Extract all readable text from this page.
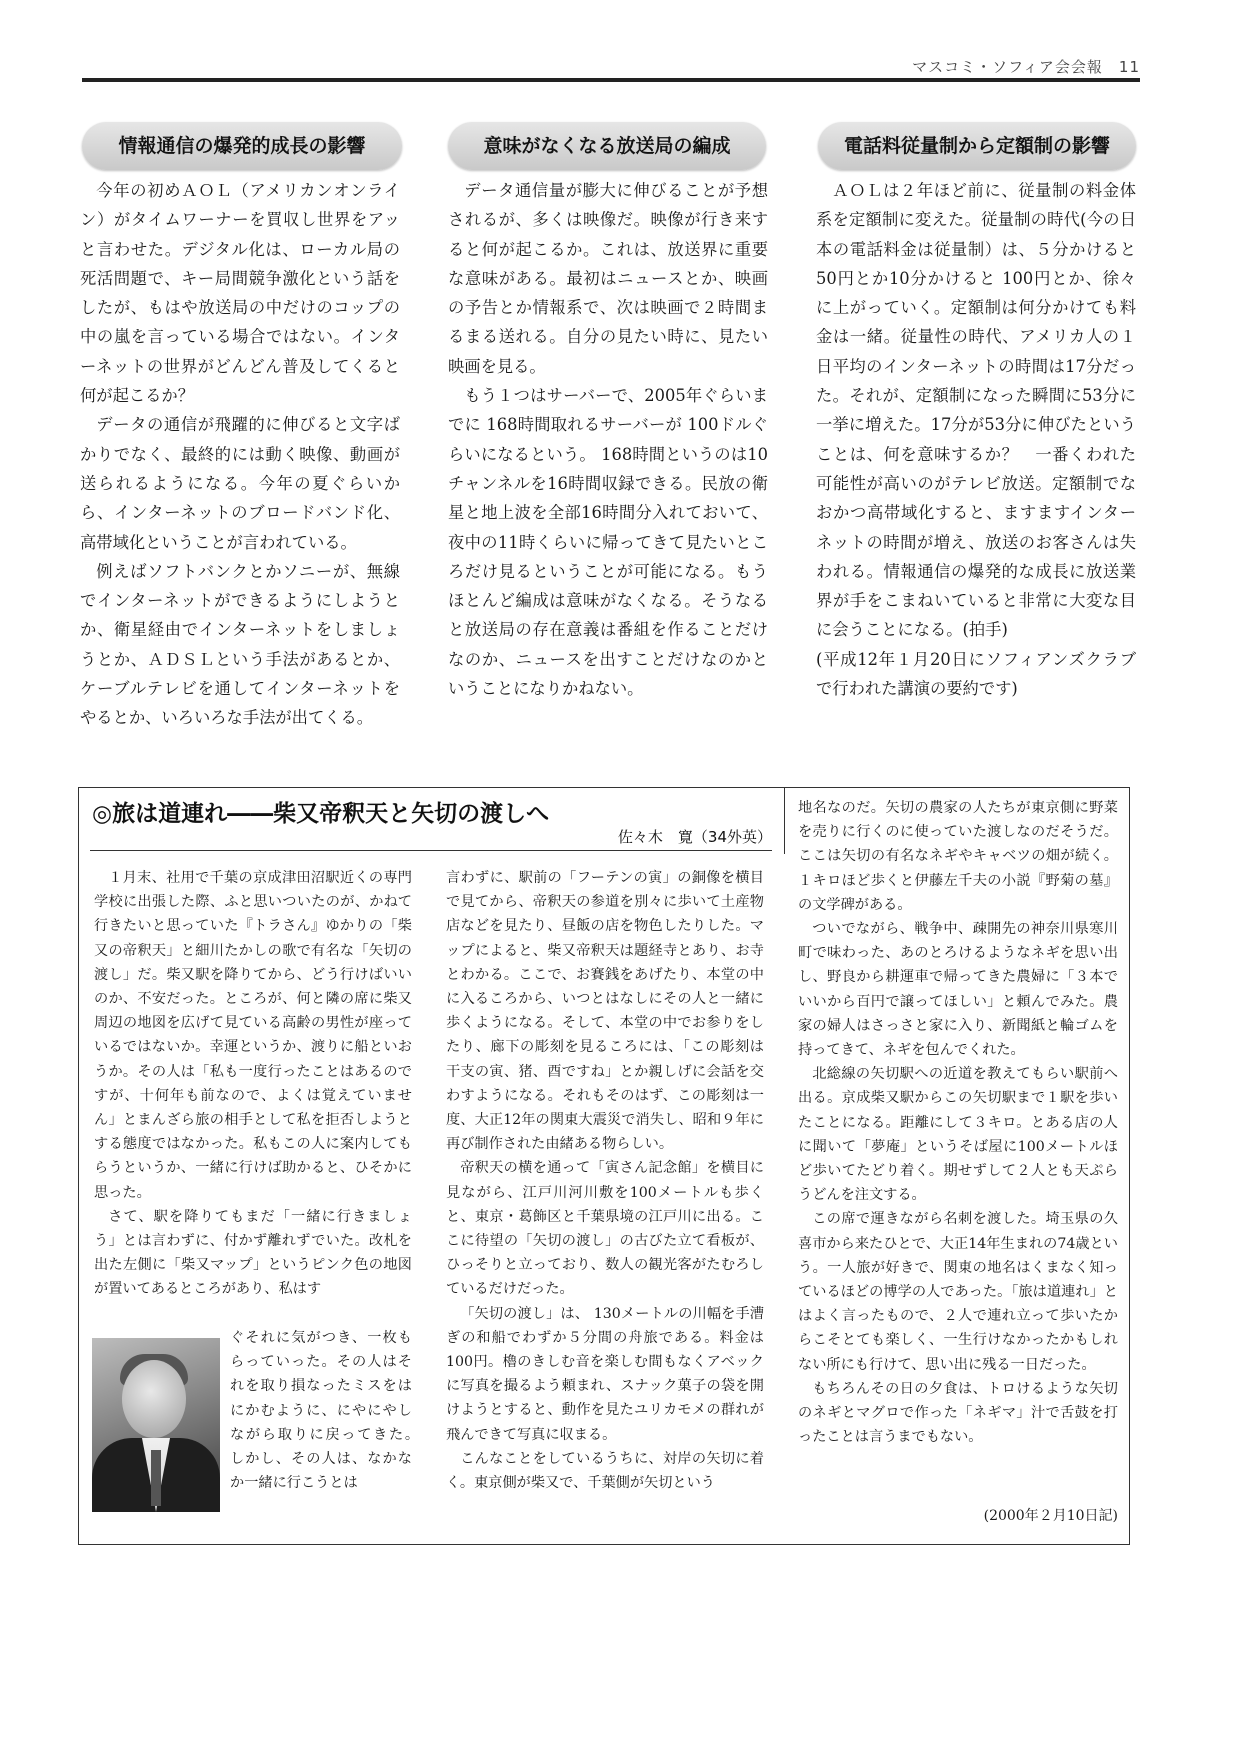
マスコミ・ソフィア会会報　11
情報通信の爆発的成長の影響

今年の初めＡＯＬ（アメリカンオンライン）がタイムワーナーを買収し世界をアッと言わせた。デジタル化は、ローカル局の死活問題で、キー局間競争激化という話をしたが、もはや放送局の中だけのコップの中の嵐を言っている場合ではない。インターネットの世界がどんどん普及してくると何が起こるか？

データの通信が飛躍的に伸びると文字ばかりでなく、最終的には動く映像、動画が送られるようになる。今年の夏ぐらいから、インターネットのブロードバンド化、高帯域化ということが言われている。

例えばソフトバンクとかソニーが、無線でインターネットができるようにしようとか、衛星経由でインターネットをしましょうとか、ＡＤＳＬという手法があるとか、ケーブルテレビを通してインターネットをやるとか、いろいろな手法が出てくる。

意味がなくなる放送局の編成

データ通信量が膨大に伸びることが予想されるが、多くは映像だ。映像が行き来すると何が起こるか。これは、放送界に重要な意味がある。最初はニュースとか、映画の予告とか情報系で、次は映画で２時間まるまる送れる。自分の見たい時に、見たい映画を見る。

もう１つはサーバーで、2005年ぐらいまでに 168時間取れるサーバーが 100ドルぐらいになるという。 168時間というのは10チャンネルを16時間収録できる。民放の衛星と地上波を全部16時間分入れておいて、夜中の11時くらいに帰ってきて見たいところだけ見るということが可能になる。もうほとんど編成は意味がなくなる。そうなると放送局の存在意義は番組を作ることだけなのか、ニュースを出すことだけなのかということになりかねない。

電話料従量制から定額制の影響

ＡＯＬは２年ほど前に、従量制の料金体系を定額制に変えた。従量制の時代(今の日本の電話料金は従量制）は、５分かけると50円とか10分かけると 100円とか、徐々に上がっていく。定額制は何分かけても料金は一緒。従量性の時代、アメリカ人の１日平均のインターネットの時間は17分だった。それが、定額制になった瞬間に53分に一挙に増えた。17分が53分に伸びたということは、何を意味するか？　一番くわれた可能性が高いのがテレビ放送。定額制でなおかつ高帯域化すると、ますますインターネットの時間が増え、放送のお客さんは失われる。情報通信の爆発的な成長に放送業界が手をこまねいていると非常に大変な目に会うことになる。(拍手)

(平成12年１月20日にソフィアンズクラブで行われた講演の要約です)

◎旅は道連れ――柴又帝釈天と矢切の渡しへ
佐々木　寛（34外英）

１月末、社用で千葉の京成津田沼駅近くの専門学校に出張した際、ふと思いついたのが、かねて行きたいと思っていた『トラさん』ゆかりの「柴又の帝釈天」と細川たかしの歌で有名な「矢切の渡し」だ。柴又駅を降りてから、どう行けばいいのか、不安だった。ところが、何と隣の席に柴又周辺の地図を広げて見ている高齢の男性が座っているではないか。幸運というか、渡りに船といおうか。その人は「私も一度行ったことはあるのですが、十何年も前なので、よくは覚えていません」とまんざら旅の相手として私を拒否しようとする態度ではなかった。私もこの人に案内してもらうというか、一緒に行けば助かると、ひそかに思った。

さて、駅を降りてもまだ「一緒に行きましょう」とは言わずに、付かず離れずでいた。改札を出た左側に「柴又マップ」というピンク色の地図が置いてあるところがあり、私はす

ぐそれに気がつき、一枚もらっていった。その人はそれを取り損なったミスをはにかむように、にやにやしながら取りに戻ってきた。　しかし、その人は、なかなか一緒に行こうとは

言わずに、駅前の「フーテンの寅」の銅像を横目で見てから、帝釈天の参道を別々に歩いて土産物店などを見たり、昼飯の店を物色したりした。マップによると、柴又帝釈天は題経寺とあり、お寺とわかる。ここで、お賽銭をあげたり、本堂の中に入るころから、いつとはなしにその人と一緒に歩くようになる。そして、本堂の中でお参りをしたり、廊下の彫刻を見るころには、「この彫刻は干支の寅、猪、酉ですね」とか親しげに会話を交わすようになる。それもそのはず、この彫刻は一度、大正12年の関東大震災で消失し、昭和９年に再び制作された由緒ある物らしい。

帝釈天の横を通って「寅さん記念館」を横目に見ながら、江戸川河川敷を100メートルも歩くと、東京・葛飾区と千葉県境の江戸川に出る。ここに待望の「矢切の渡し」の古びた立て看板が、ひっそりと立っており、数人の観光客がたむろしているだけだった。

「矢切の渡し」は、 130メートルの川幅を手漕ぎの和船でわずか５分間の舟旅である。料金は100円。櫓のきしむ音を楽しむ間もなくアベックに写真を撮るよう頼まれ、スナック菓子の袋を開けようとすると、動作を見たユリカモメの群れが飛んできて写真に収まる。

こんなことをしているうちに、対岸の矢切に着く。東京側が柴又で、千葉側が矢切という

地名なのだ。矢切の農家の人たちが東京側に野菜を売りに行くのに使っていた渡しなのだそうだ。ここは矢切の有名なネギやキャベツの畑が続く。１キロほど歩くと伊藤左千夫の小説『野菊の墓』の文学碑がある。

ついでながら、戦争中、疎開先の神奈川県寒川町で味わった、あのとろけるようなネギを思い出し、野良から耕運車で帰ってきた農婦に「３本でいいから百円で譲ってほしい」と頼んでみた。農家の婦人はさっさと家に入り、新聞紙と輪ゴムを持ってきて、ネギを包んでくれた。

北総線の矢切駅への近道を教えてもらい駅前へ出る。京成柴又駅からこの矢切駅まで１駅を歩いたことになる。距離にして３キロ。とある店の人に聞いて「夢庵」というそば屋に100メートルほど歩いてたどり着く。期せずして２人とも天ぷらうどんを注文する。

この席で運きながら名刺を渡した。埼玉県の久喜市から来たひとで、大正14年生まれの74歳という。一人旅が好きで、関東の地名はくまなく知っているほどの博学の人であった。「旅は道連れ」とはよく言ったもので、２人で連れ立って歩いたからこそとても楽しく、一生行けなかったかもしれない所にも行けて、思い出に残る一日だった。

もちろんその日の夕食は、トロけるような矢切のネギとマグロで作った「ネギマ」汁で舌鼓を打ったことは言うまでもない。

(2000年２月10日記)
